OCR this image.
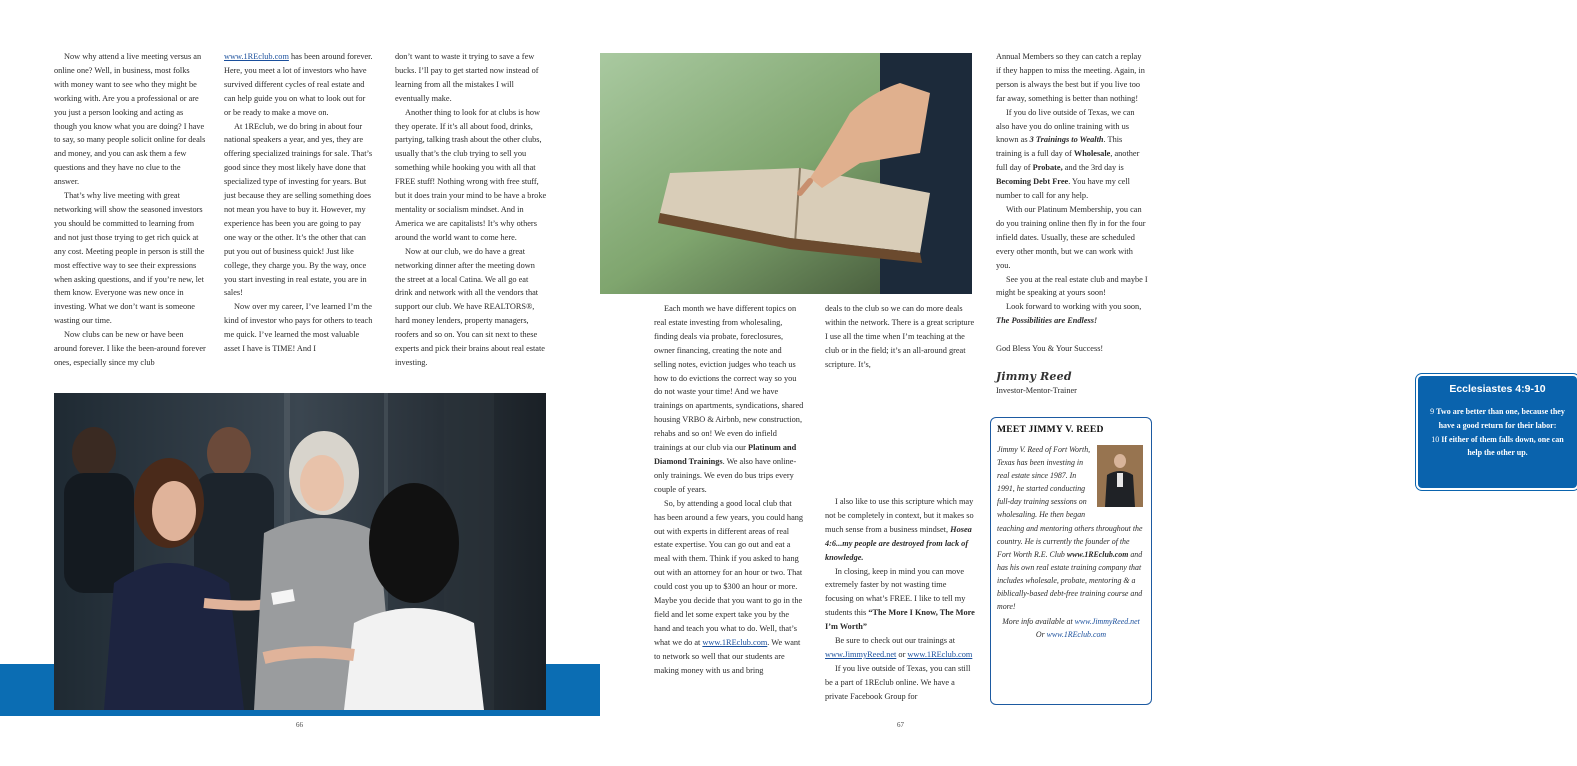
Now why attend a live meeting versus an online one? Well, in business, most folks with money want to see who they might be working with. Are you a professional or are you just a person looking and acting as though you know what you are doing? I have to say, so many people solicit online for deals and money, and you can ask them a few questions and they have no clue to the answer.

That’s why live meeting with great networking will show the seasoned investors you should be committed to learning from and not just those trying to get rich quick at any cost. Meeting people in person is still the most effective way to see their expressions when asking questions, and if you’re new, let them know. Everyone was new once in investing. What we don’t want is someone wasting our time.

Now clubs can be new or have been around forever. I like the been-around forever ones, especially since my club

www.1REclub.com has been around forever. Here, you meet a lot of investors who have survived different cycles of real estate and can help guide you on what to look out for or be ready to make a move on.

At 1REclub, we do bring in about four national speakers a year, and yes, they are offering specialized trainings for sale. That’s good since they most likely have done that specialized type of investing for years. But just because they are selling something does not mean you have to buy it. However, my experience has been you are going to pay one way or the other. It’s the other that can put you out of business quick! Just like college, they charge you. By the way, once you start investing in real estate, you are in sales!

Now over my career, I’ve learned I’m the kind of investor who pays for others to teach me quick. I’ve learned the most valuable asset I have is TIME! And I

don’t want to waste it trying to save a few bucks. I’ll pay to get started now instead of learning from all the mistakes I will eventually make.

Another thing to look for at clubs is how they operate. If it’s all about food, drinks, partying, talking trash about the other clubs, usually that’s the club trying to sell you something while hooking you with all that FREE stuff! Nothing wrong with free stuff, but it does train your mind to be have a broke mentality or socialism mindset. And in America we are capitalists! It’s why others around the world want to come here.

Now at our club, we do have a great networking dinner after the meeting down the street at a local Catina. We all go eat drink and network with all the vendors that support our club. We have REALTORS®, hard money lenders, property managers, roofers and so on. You can sit next to these experts and pick their brains about real estate investing.

66

Each month we have different topics on real estate investing from wholesaling, finding deals via probate, foreclosures, owner financing, creating the note and selling notes, eviction judges who teach us how to do evictions the correct way so you do not waste your time! And we have trainings on apartments, syndications, shared housing VRBO & Airbnb, new construction, rehabs and so on! We even do infield trainings at our club via our Platinum and Diamond Trainings. We also have online-only trainings. We even do bus trips every couple of years.

So, by attending a good local club that has been around a few years, you could hang out with experts in different areas of real estate expertise. You can go out and eat a meal with them. Think if you asked to hang out with an attorney for an hour or two. That could cost you up to $300 an hour or more. Maybe you decide that you want to go in the field and let some expert take you by the hand and teach you what to do. Well, that’s what we do at www.1REclub.com. We want to network so well that our students are making money with us and bring

deals to the club so we can do more deals within the network. There is a great scripture I use all the time when I’m teaching at the club or in the field; it’s an all-around great scripture. It’s,

Ecclesiastes 4:9-10
9 Two are better than one, because they have a good return for their labor:
10 If either of them falls down, one can help the other up.

I also like to use this scripture which may not be completely in context, but it makes so much sense from a business mindset, Hosea 4:6...my people are destroyed from lack of knowledge.

In closing, keep in mind you can move extremely faster by not wasting time focusing on what’s FREE. I like to tell my students this “The More I Know, The More I’m Worth”

Be sure to check out our trainings at www.JimmyReed.net or www.1REclub.com

If you live outside of Texas, you can still be a part of 1REclub online. We have a private Facebook Group for

Annual Members so they can catch a replay if they happen to miss the meeting. Again, in person is always the best but if you live too far away, something is better than nothing!

If you do live outside of Texas, we can also have you do online training with us known as 3 Trainings to Wealth. This training is a full day of Wholesale, another full day of Probate, and the 3rd day is Becoming Debt Free. You have my cell number to call for any help.

With our Platinum Membership, you can do you training online then fly in for the four infield dates. Usually, these are scheduled every other month, but we can work with you.

See you at the real estate club and maybe I might be speaking at yours soon!

Look forward to working with you soon, The Possibilities are Endless!

God Bless You & Your Success!

Jimmy Reed

Investor-Mentor-Trainer

MEET JIMMY V. REED
Jimmy V. Reed of Fort Worth, Texas has been investing in real estate since 1987. In 1991, he started conducting full-day training sessions on wholesaling. He then began teaching and mentoring others throughout the country. He is currently the founder of the Fort Worth R.E. Club www.1REclub.com and has his own real estate training company that includes wholesale, probate, mentoring & a biblically-based debt-free training course and more!
More info available at www.JimmyReed.net
Or www.1REclub.com
67
